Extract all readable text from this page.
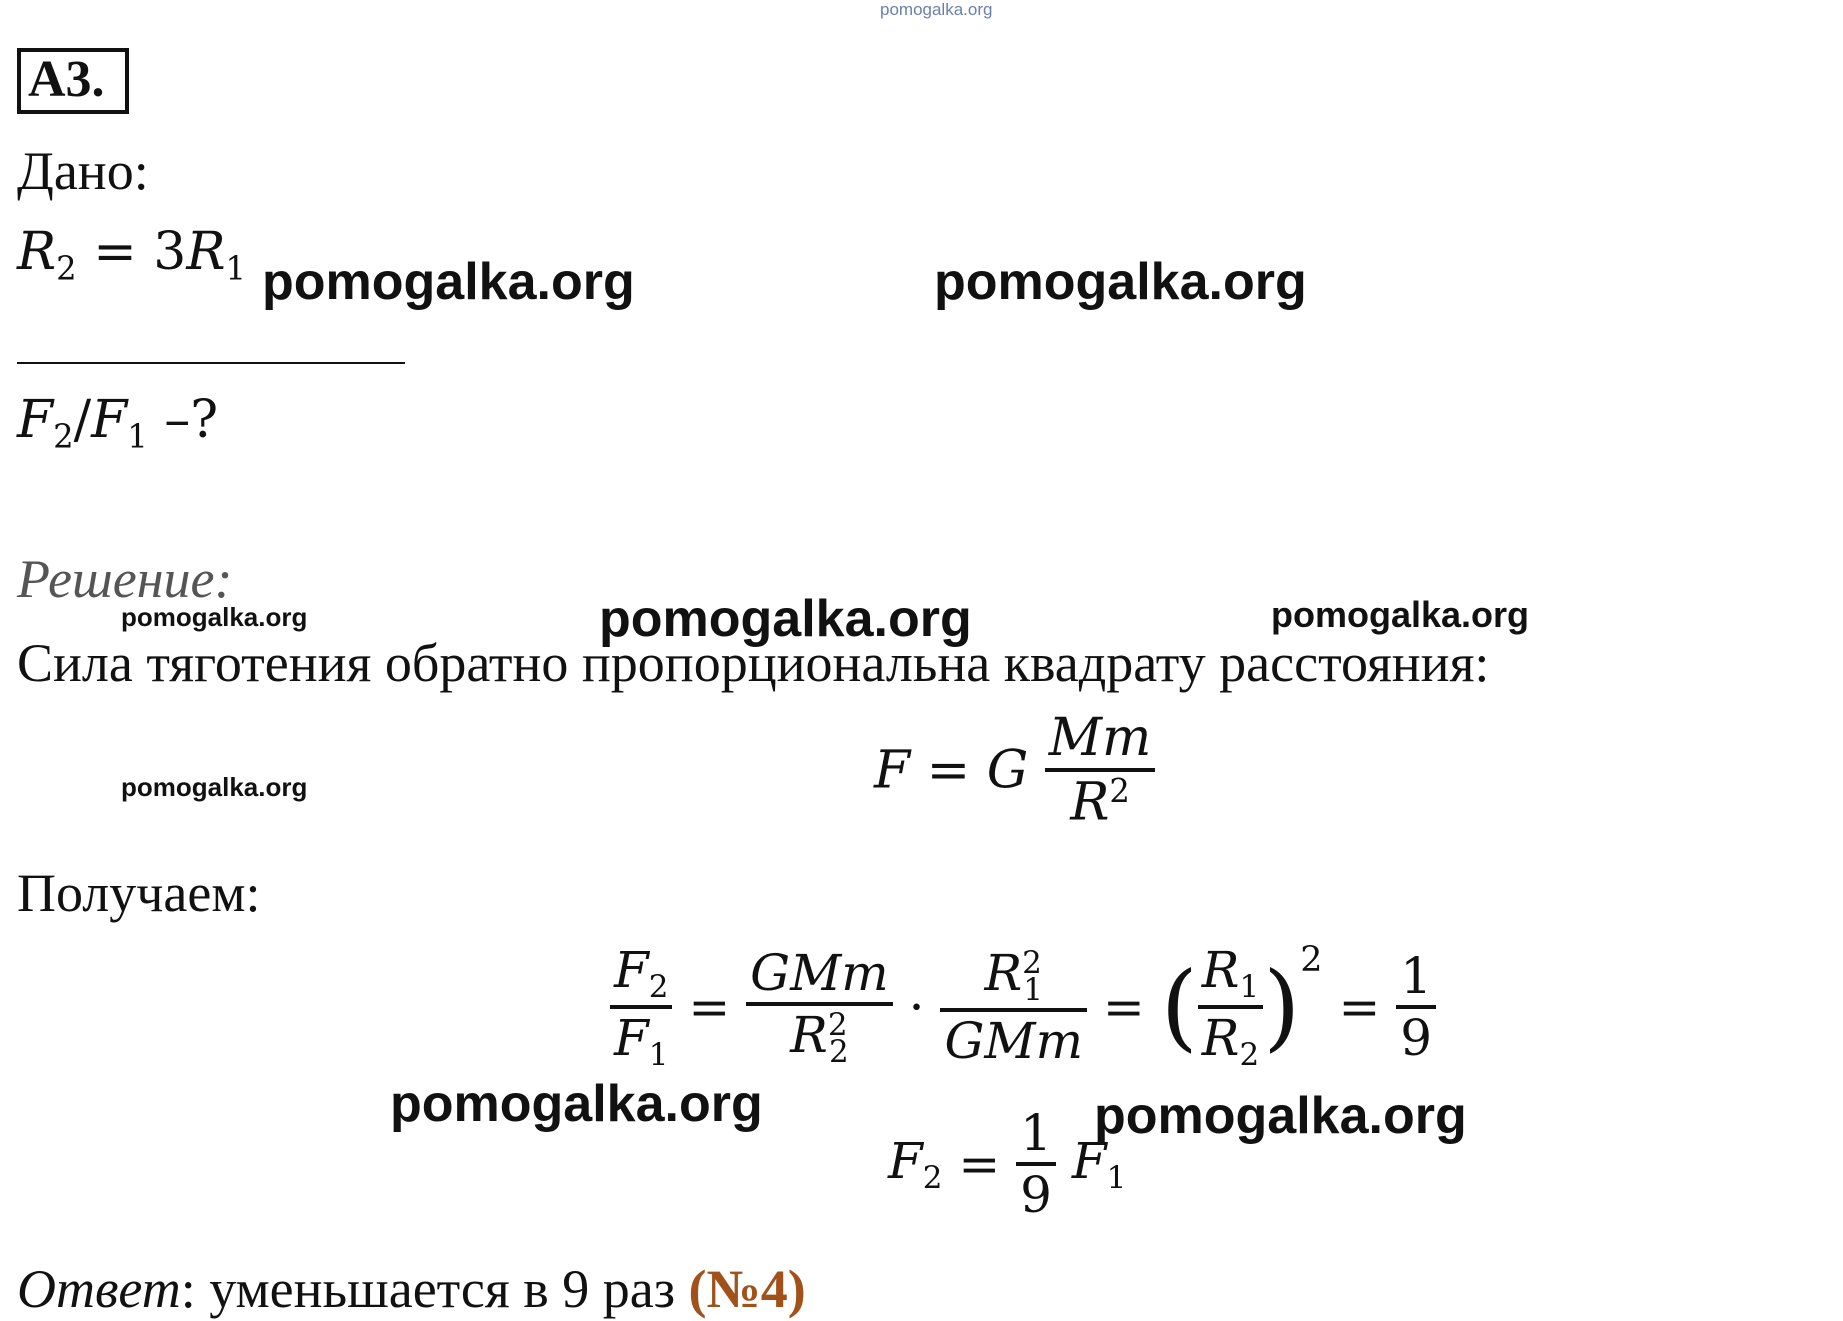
pomogalka.org
А3.
Дано:
$R_2 = 3R_1$
$F_2/F_1$ –?
Решение:
Сила тяготения обратно пропорциональна квадрату расстояния:
F = G $\frac{Mm}{R^2}$
Получаем:
$\frac{F_2}{F_1} = \frac{\text{GMm}}{R^2_2} \cdot \frac{R^2_1}{\text{GMm}}$ = ( $\frac{R_1}{R_2} )^2 = \frac{1}{9}$
$F_2 = \frac{1}{9} F_1$
Ответ: уменьшается в 9 раз (№4)
pomogalka.org	pomogalka.org
pomogalka.org	pomogalka.org	pomogalka.org
pomogalka.org
pomogalka.org	pomogalka.org
